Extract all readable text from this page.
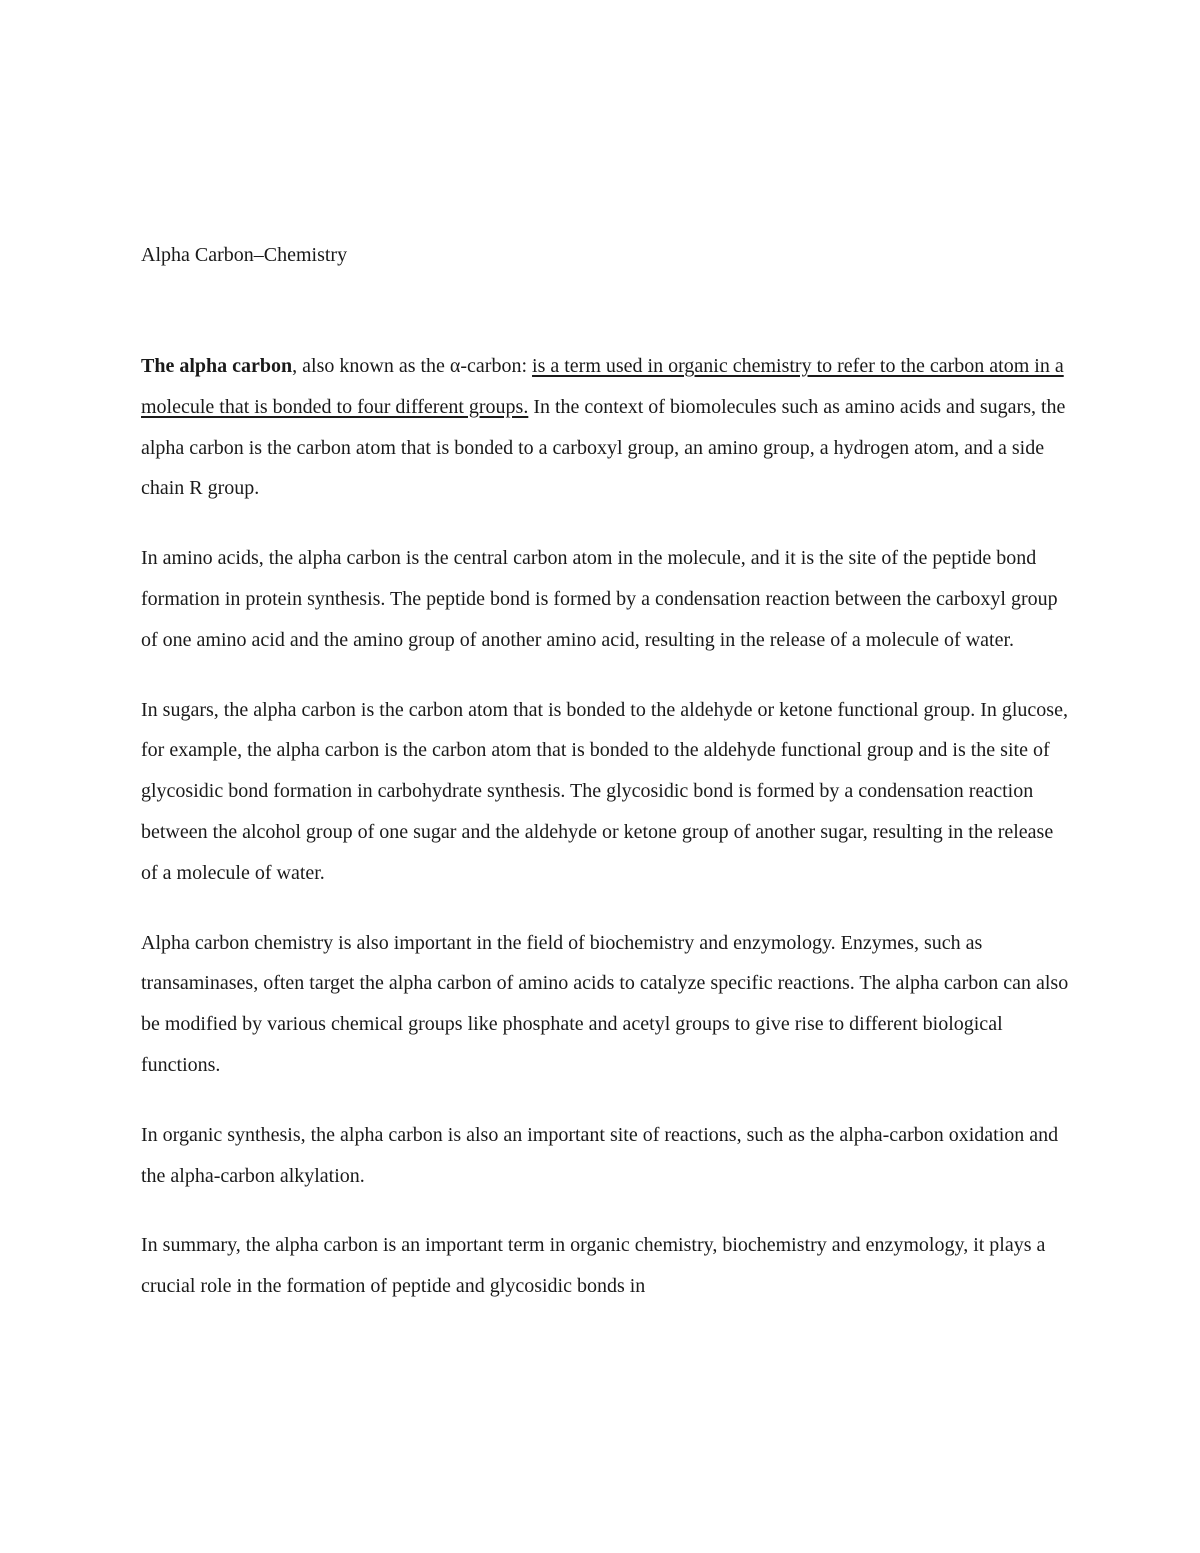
Alpha Carbon–Chemistry

The alpha carbon, also known as the α-carbon: is a term used in organic chemistry to refer to the carbon atom in a molecule that is bonded to four different groups. In the context of biomolecules such as amino acids and sugars, the alpha carbon is the carbon atom that is bonded to a carboxyl group, an amino group, a hydrogen atom, and a side chain R group.

In amino acids, the alpha carbon is the central carbon atom in the molecule, and it is the site of the peptide bond formation in protein synthesis. The peptide bond is formed by a condensation reaction between the carboxyl group of one amino acid and the amino group of another amino acid, resulting in the release of a molecule of water.

In sugars, the alpha carbon is the carbon atom that is bonded to the aldehyde or ketone functional group. In glucose, for example, the alpha carbon is the carbon atom that is bonded to the aldehyde functional group and is the site of glycosidic bond formation in carbohydrate synthesis. The glycosidic bond is formed by a condensation reaction between the alcohol group of one sugar and the aldehyde or ketone group of another sugar, resulting in the release of a molecule of water.

Alpha carbon chemistry is also important in the field of biochemistry and enzymology. Enzymes, such as transaminases, often target the alpha carbon of amino acids to catalyze specific reactions. The alpha carbon can also be modified by various chemical groups like phosphate and acetyl groups to give rise to different biological functions.

In organic synthesis, the alpha carbon is also an important site of reactions, such as the alpha-carbon oxidation and the alpha-carbon alkylation.

In summary, the alpha carbon is an important term in organic chemistry, biochemistry and enzymology, it plays a crucial role in the formation of peptide and glycosidic bonds in
